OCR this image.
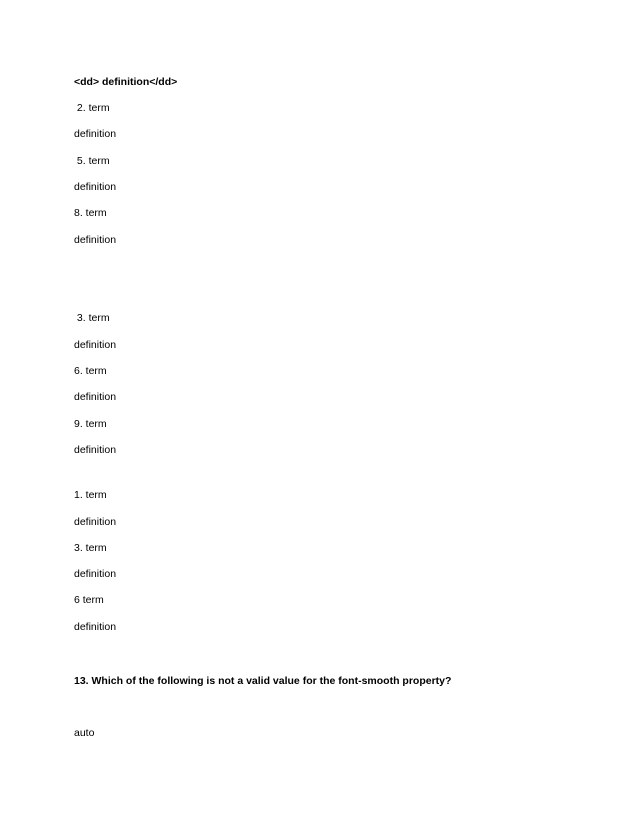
<dd> definition</dd>
2. term
definition
5. term
definition
8. term
definition
3. term
definition
6. term
definition
9. term
definition
1. term
definition
3. term
definition
6 term
definition
13. Which of the following is not a valid value for the font-smooth property?
auto
